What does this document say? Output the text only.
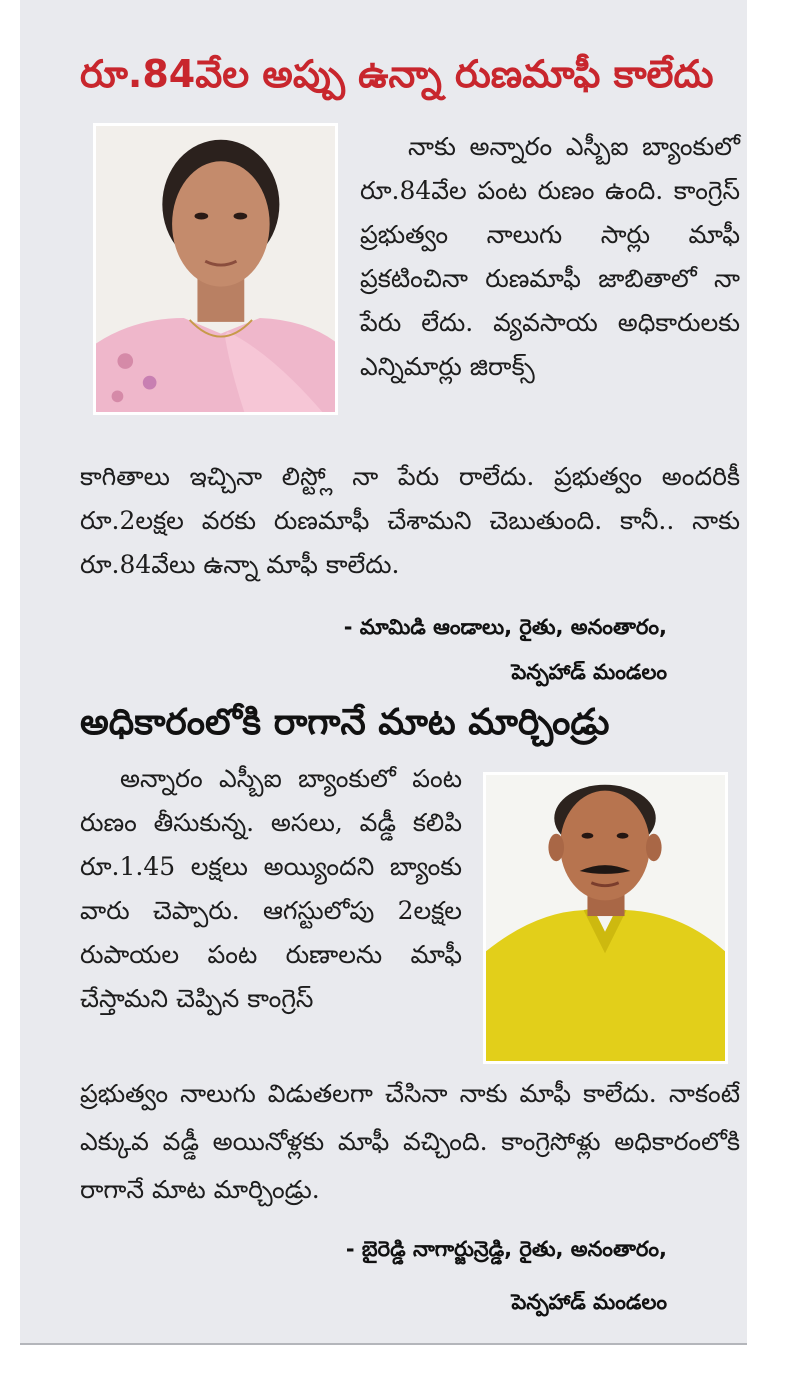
రూ.84వేల అప్పు ఉన్నా రుణమాఫీ కాలేదు

నాకు అన్నారం ఎస్బీఐ బ్యాంకులో రూ.84వేల పంట రుణం ఉంది. కాంగ్రెస్ ప్రభుత్వం నాలుగు సార్లు మాఫీ ప్రకటించినా రుణమాఫీ జాబితాలో నా పేరు లేదు. వ్యవసాయ అధికారులకు ఎన్నిమార్లు జిరాక్స్

కాగితాలు ఇచ్చినా లిస్ట్లో నా పేరు రాలేదు. ప్రభుత్వం అందరికీ రూ.2లక్షల వరకు రుణమాఫీ చేశామని చెబుతుంది. కానీ.. నాకు రూ.84వేలు ఉన్నా మాఫీ కాలేదు.

- మామిడి ఆండాలు, రైతు, అనంతారం,
పెన్పహాడ్ మండలం
అధికారంలోకి రాగానే మాట మార్చిండ్రు

అన్నారం ఎస్బీఐ బ్యాంకులో పంట రుణం తీసుకున్న. అసలు, వడ్డీ కలిపి రూ.1.45 లక్షలు అయ్యిందని బ్యాంకు వారు చెప్పారు. ఆగస్టులోపు 2లక్షల రుపాయల పంట రుణాలను మాఫీ చేస్తామని చెప్పిన కాంగ్రెస్

ప్రభుత్వం నాలుగు విడుతలగా చేసినా నాకు మాఫీ కాలేదు. నాకంటే ఎక్కువ వడ్డీ అయినోళ్లకు మాఫీ వచ్చింది. కాంగ్రెసోళ్లు అధికారంలోకి రాగానే మాట మార్చిండ్రు.

- బైరెడ్డి నాగార్జున్రెడ్డి, రైతు, అనంతారం,
పెన్పహాడ్ మండలం
